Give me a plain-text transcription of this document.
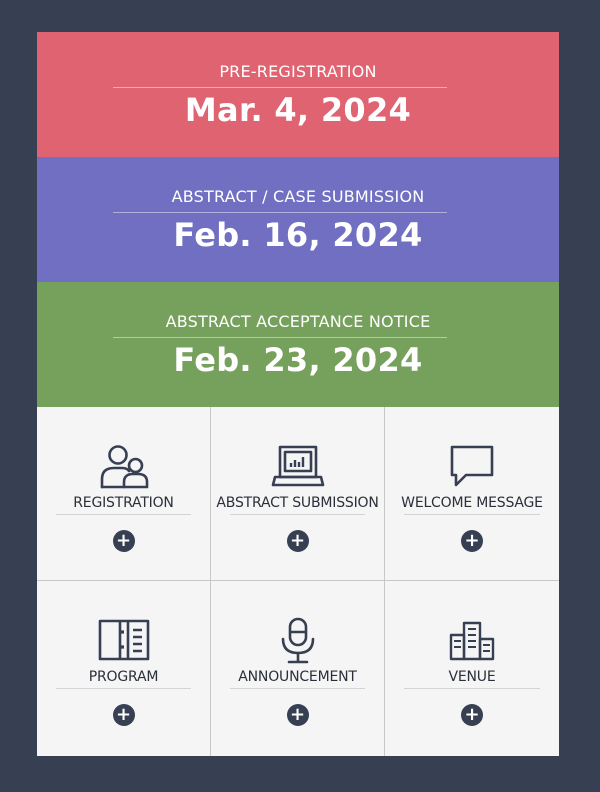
PRE-REGISTRATION
Mar. 4, 2024
ABSTRACT / CASE SUBMISSION
Feb. 16, 2024
ABSTRACT ACCEPTANCE NOTICE
Feb. 23, 2024
REGISTRATION
+
ABSTRACT SUBMISSION
+
WELCOME MESSAGE
+
PROGRAM
+
ANNOUNCEMENT
+
VENUE
+
